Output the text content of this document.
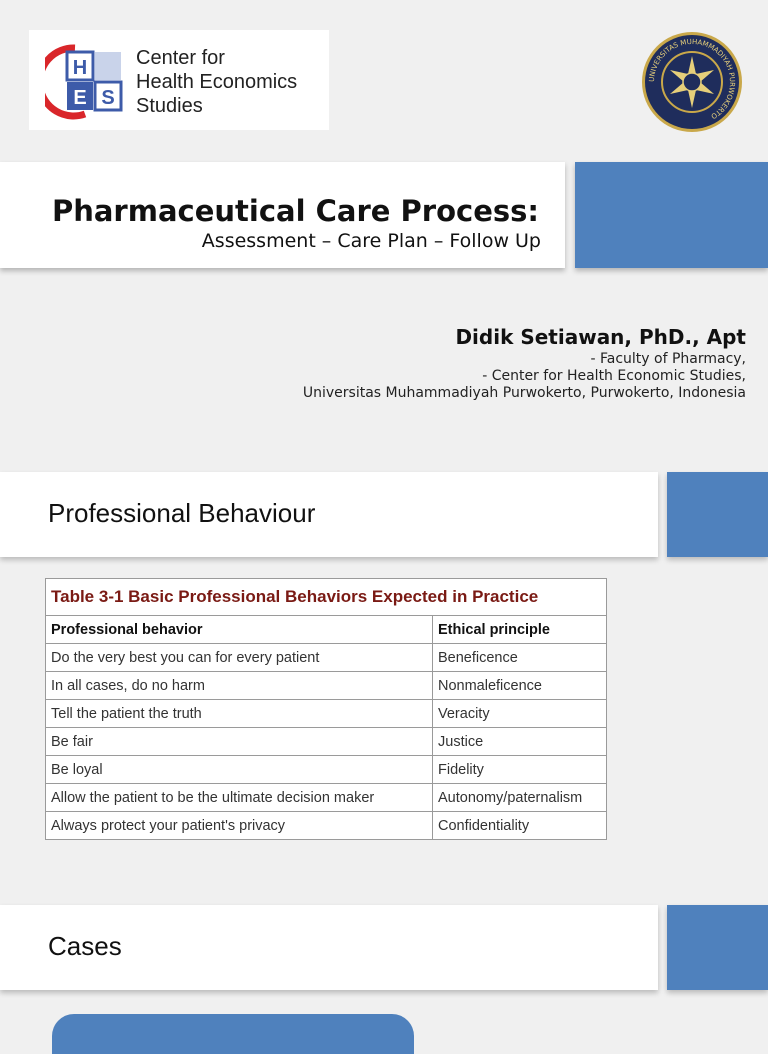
H
E S
Center for
Health Economics
Studies
UNIVERSITAS MUHAMMADIYAH PURWOKERTO
Pharmaceutical Care Process:
Assessment – Care Plan – Follow Up
Didik Setiawan, PhD., Apt
- Faculty of Pharmacy,
- Center for Health Economic Studies,
Universitas Muhammadiyah Purwokerto, Purwokerto, Indonesia
Professional Behaviour
Table 3-1 Basic Professional Behaviors Expected in Practice	
Professional behavior	Ethical principle
Do the very best you can for every patient	Beneficence
In all cases, do no harm	Nonmaleficence
Tell the patient the truth	Veracity
Be fair	Justice
Be loyal	Fidelity
Allow the patient to be the ultimate decision maker	Autonomy/paternalism
Always protect your patient's privacy	Confidentiality
Cases
